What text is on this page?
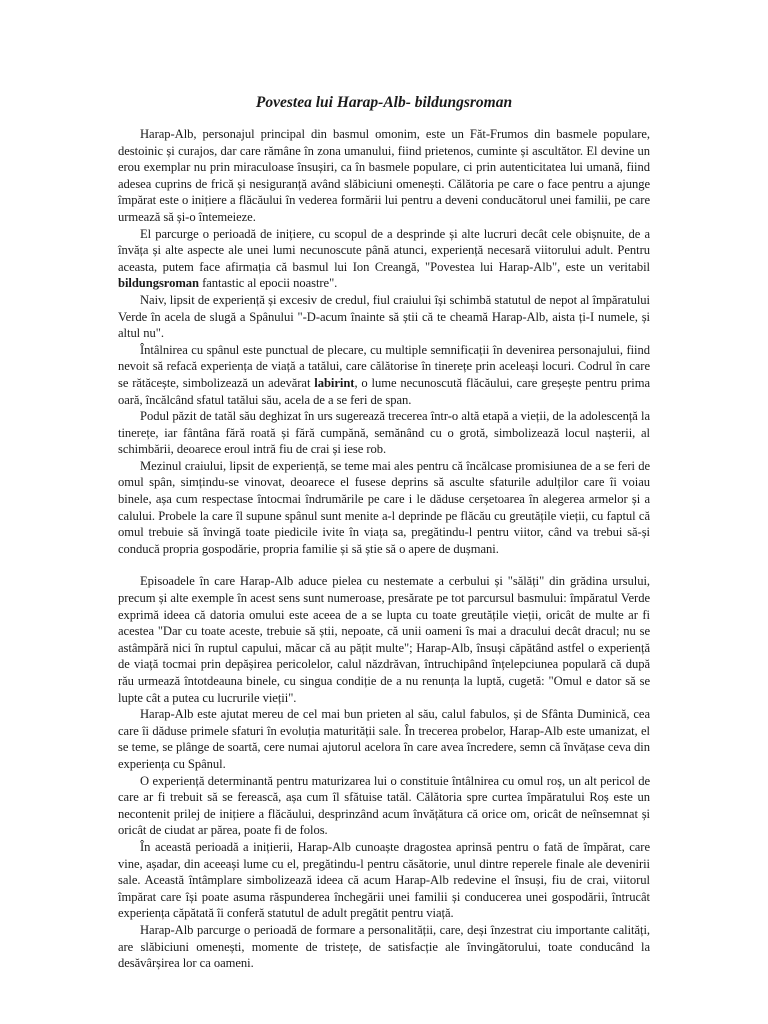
Povestea lui Harap-Alb- bildungsroman

Harap-Alb, personajul principal din basmul omonim, este un Făt-Frumos din basmele populare, destoinic și curajos, dar care rămâne în zona umanului, fiind prietenos, cuminte și ascultător. El devine un erou exemplar nu prin miraculoase însușiri, ca în basmele populare, ci prin autenticitatea lui umană, fiind adesea cuprins de frică și nesiguranță având slăbiciuni omenești. Călătoria pe care o face pentru a ajunge împărat este o inițiere a flăcăului în vederea formării lui pentru a deveni conducătorul unei familii, pe care urmează să și-o întemeieze.

El parcurge o perioadă de inițiere, cu scopul de a desprinde și alte lucruri decât cele obișnuite, de a învăța și alte aspecte ale unei lumi necunoscute până atunci, experiență necesară viitorului adult. Pentru aceasta, putem face afirmația că basmul lui Ion Creangă, "Povestea lui Harap-Alb", este un veritabil bildungsroman fantastic al epocii noastre".

Naiv, lipsit de experiență și excesiv de credul, fiul craiului își schimbă statutul de nepot al împăratului Verde în acela de slugă a Spânului "-D-acum înainte să știi că te cheamă Harap-Alb, aista ți-I numele, și altul nu".

Întâlnirea cu spânul este punctual de plecare, cu multiple semnificații în devenirea personajului, fiind nevoit să refacă experiența de viață a tatălui, care călătorise în tinerețe prin aceleași locuri. Codrul în care se rătăcește, simbolizează un adevărat labirint, o lume necunoscută flăcăului, care greșește pentru prima oară, încălcând sfatul tatălui său, acela de a se feri de span.

Podul păzit de tatăl său deghizat în urs sugerează trecerea într-o altă etapă a vieții, de la adolescență la tinerețe, iar fântâna fără roată și fără cumpănă, semănând cu o grotă, simbolizează locul nașterii, al schimbării, deoarece eroul intră fiu de crai și iese rob.

Mezinul craiului, lipsit de experiență, se teme mai ales pentru că încălcase promisiunea de a se feri de omul spân, simțindu-se vinovat, deoarece el fusese deprins să asculte sfaturile adulților care îi voiau binele, așa cum respectase întocmai îndrumările pe care i le dăduse cerșetoarea în alegerea armelor și a calului. Probele la care îl supune spânul sunt menite a-l deprinde pe flăcău cu greutățile vieții, cu faptul că omul trebuie să învingă toate piedicile ivite în viața sa, pregătindu-l pentru viitor, când va trebui să-și conducă propria gospodărie, propria familie și să știe să o apere de dușmani.

Episoadele în care Harap-Alb aduce pielea cu nestemate a cerbului și "sălăți" din grădina ursului, precum și alte exemple în acest sens sunt numeroase, presărate pe tot parcursul basmului: împăratul Verde exprimă ideea că datoria omului este aceea de a se lupta cu toate greutățile vieții, oricât de multe ar fi acestea "Dar cu toate aceste, trebuie să știi, nepoate, că unii oameni îs mai a dracului decât dracul; nu se astâmpără nici în ruptul capului, măcar că au pățit multe"; Harap-Alb, însuși căpătând astfel o experiență de viață tocmai prin depășirea pericolelor, calul năzdrăvan, întruchipând înțelepciunea populară că după rău urmează întotdeauna binele, cu singua condiție de a nu renunța la luptă, cugetă: "Omul e dator să se lupte cât a putea cu lucrurile vieții".

Harap-Alb este ajutat mereu de cel mai bun prieten al său, calul fabulos, și de Sfânta Duminică, cea care îi dăduse primele sfaturi în evoluția maturității sale. În trecerea probelor, Harap-Alb este umanizat, el se teme, se plânge de soartă, cere numai ajutorul acelora în care avea încredere, semn că învățase ceva din experiența cu Spânul.

O experiență determinantă pentru maturizarea lui o constituie întâlnirea cu omul roș, un alt pericol de care ar fi trebuit să se ferească, așa cum îl sfătuise tatăl. Călătoria spre curtea împăratului Roș este un necontenit prilej de inițiere a flăcăului, desprinzând acum învățătura că orice om, oricât de neînsemnat și oricât de ciudat ar părea, poate fi de folos.

În această perioadă a inițierii, Harap-Alb cunoaște dragostea aprinsă pentru o fată de împărat, care vine, așadar, din aceeași lume cu el, pregătindu-l pentru căsătorie, unul dintre reperele finale ale devenirii sale. Această întâmplare simbolizează ideea că acum Harap-Alb redevine el însuși, fiu de crai, viitorul împărat care își poate asuma răspunderea închegării unei familii și conducerea unei gospodării, întrucât experiența căpătată îi conferă statutul de adult pregătit pentru viață.

Harap-Alb parcurge o perioadă de formare a personalității, care, deși înzestrat ciu importante calități, are slăbiciuni omenești, momente de tristețe, de satisfacție ale învingătorului, toate conducând la desăvârșirea lor ca oameni.
